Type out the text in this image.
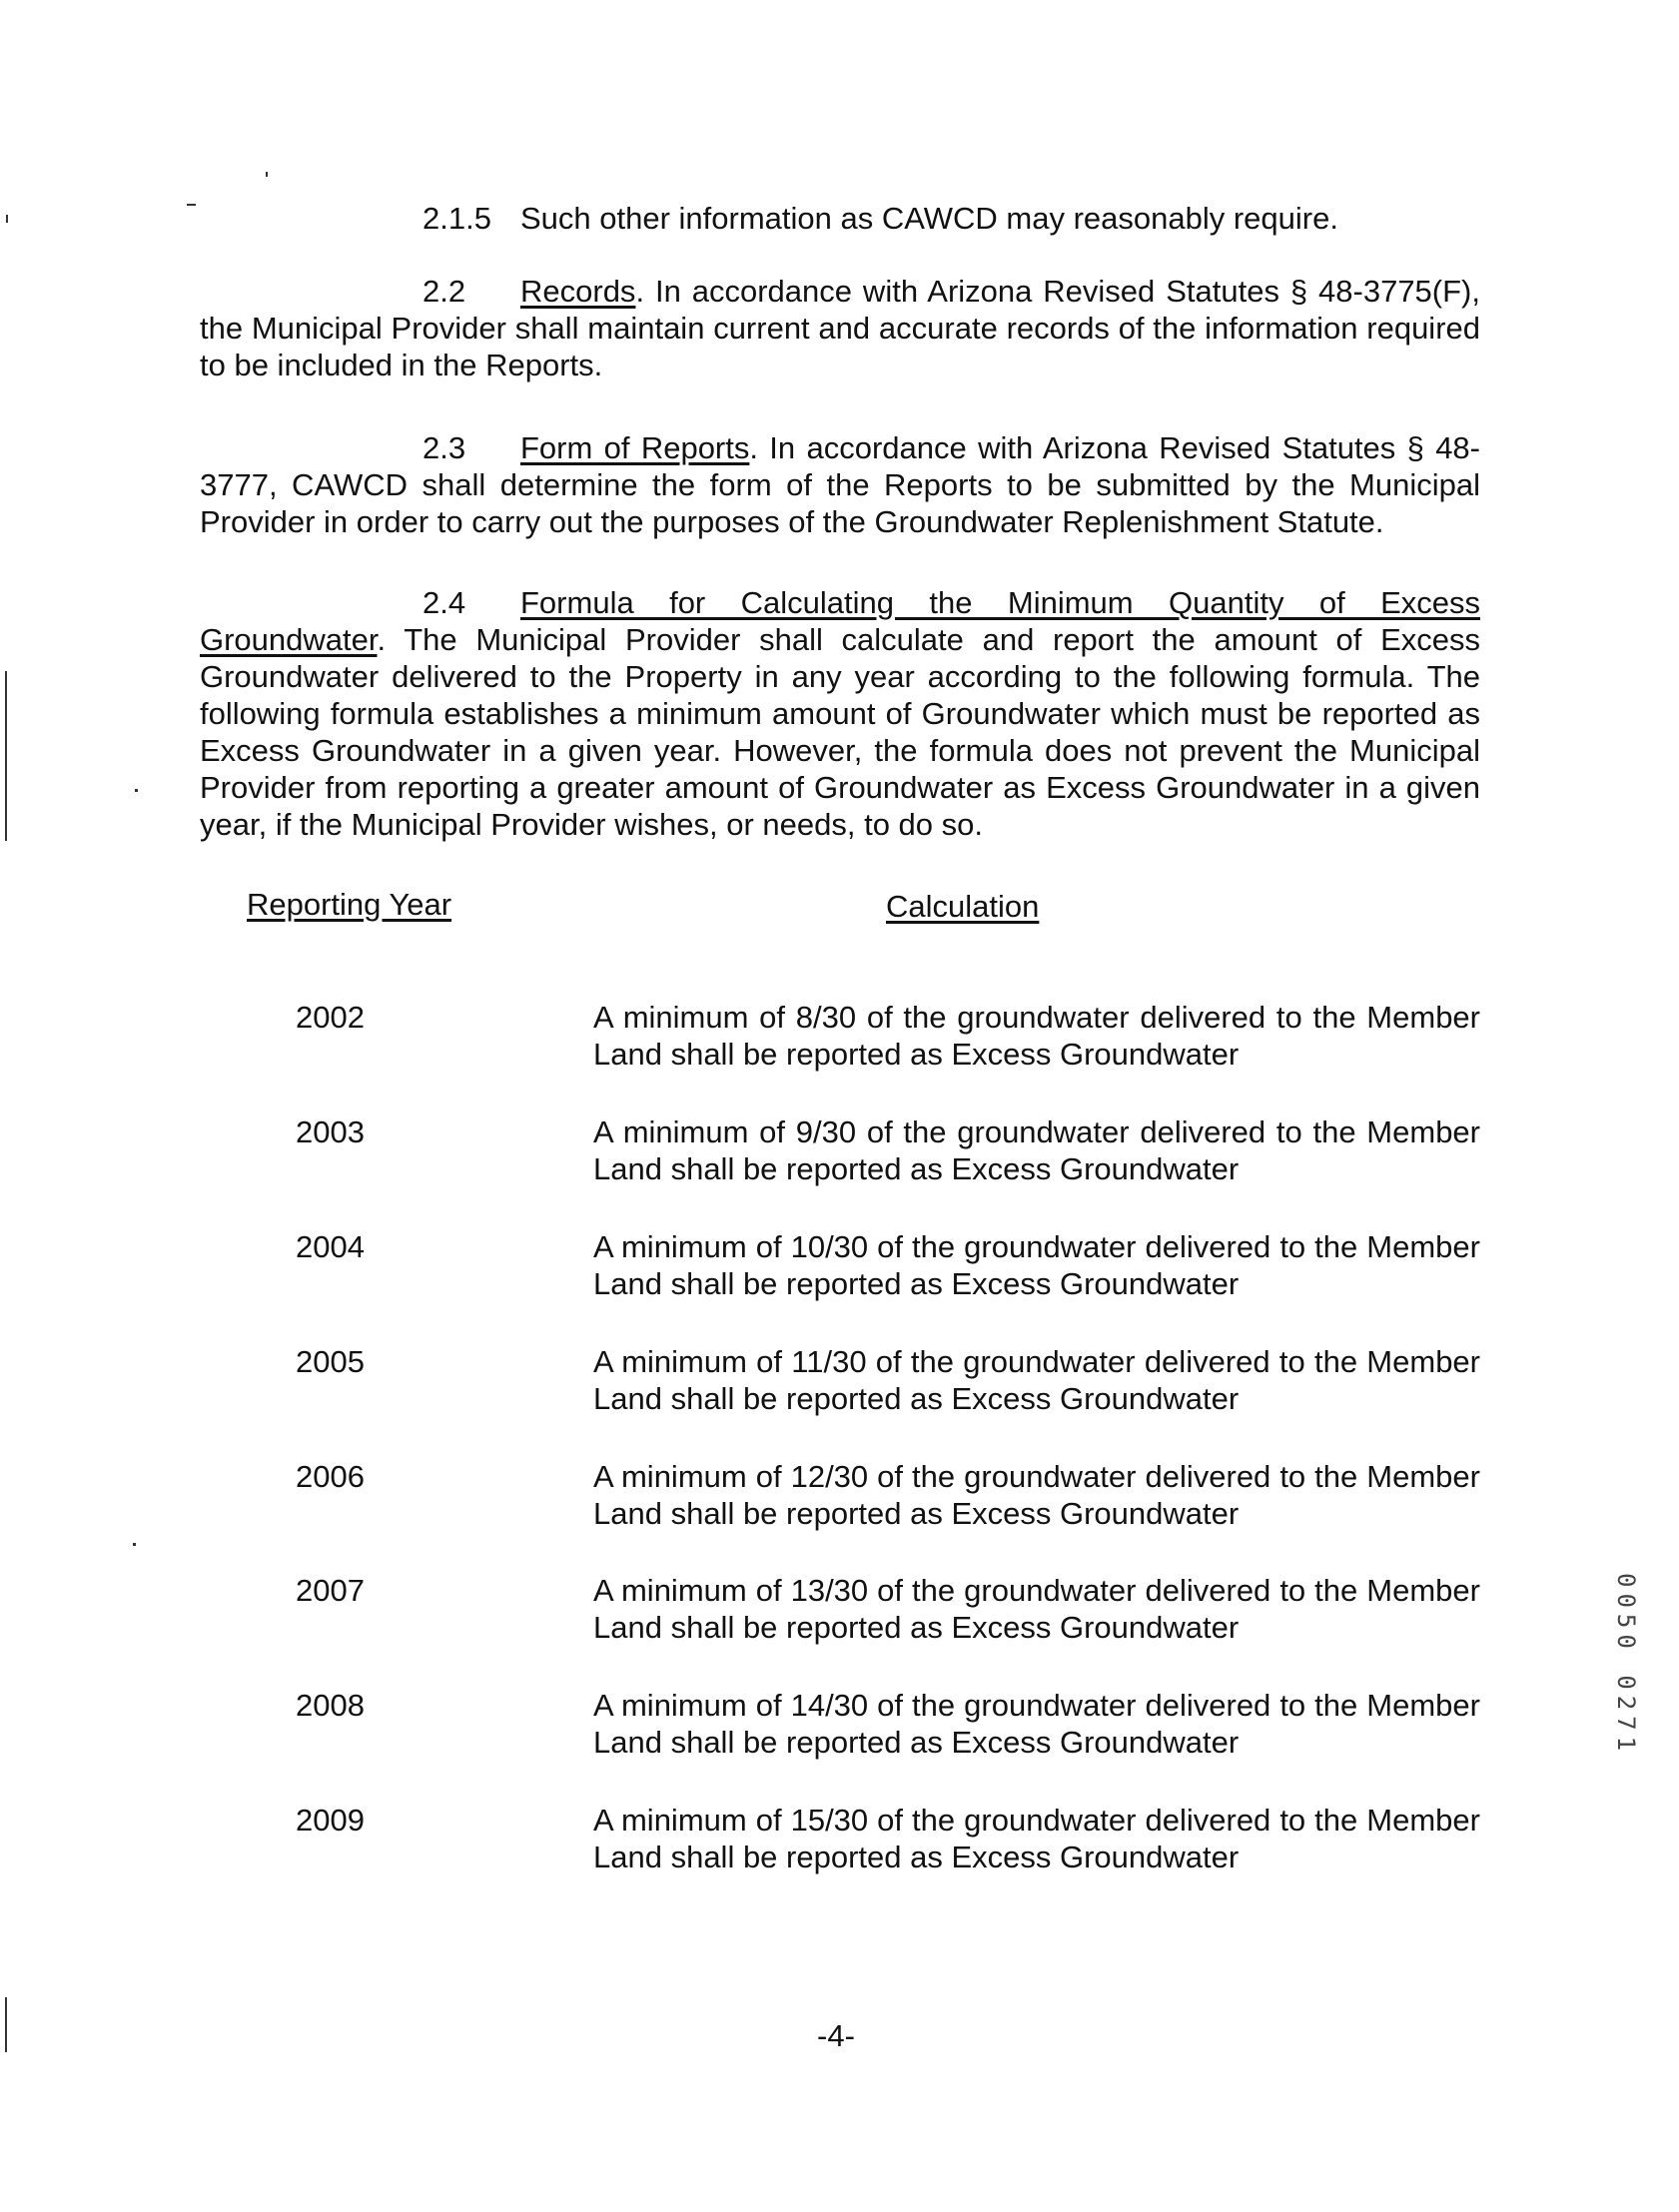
2.1.5 Such other information as CAWCD may reasonably require.
2.2 Records. In accordance with Arizona Revised Statutes § 48-3775(F), the Municipal Provider shall maintain current and accurate records of the information required to be included in the Reports.
2.3 Form of Reports. In accordance with Arizona Revised Statutes § 48-3777, CAWCD shall determine the form of the Reports to be submitted by the Municipal Provider in order to carry out the purposes of the Groundwater Replenishment Statute.
2.4 Formula for Calculating the Minimum Quantity of Excess Groundwater. The Municipal Provider shall calculate and report the amount of Excess Groundwater delivered to the Property in any year according to the following formula. The following formula establishes a minimum amount of Groundwater which must be reported as Excess Groundwater in a given year. However, the formula does not prevent the Municipal Provider from reporting a greater amount of Groundwater as Excess Groundwater in a given year, if the Municipal Provider wishes, or needs, to do so.
Reporting Year	Calculation
2002	A minimum of 8/30 of the groundwater delivered to the Member Land shall be reported as Excess Groundwater
2003	A minimum of 9/30 of the groundwater delivered to the Member Land shall be reported as Excess Groundwater
2004	A minimum of 10/30 of the groundwater delivered to the Member Land shall be reported as Excess Groundwater
2005	A minimum of 11/30 of the groundwater delivered to the Member Land shall be reported as Excess Groundwater
2006	A minimum of 12/30 of the groundwater delivered to the Member Land shall be reported as Excess Groundwater
2007	A minimum of 13/30 of the groundwater delivered to the Member Land shall be reported as Excess Groundwater
2008	A minimum of 14/30 of the groundwater delivered to the Member Land shall be reported as Excess Groundwater
2009	A minimum of 15/30 of the groundwater delivered to the Member Land shall be reported as Excess Groundwater
-4-
0050 0271
